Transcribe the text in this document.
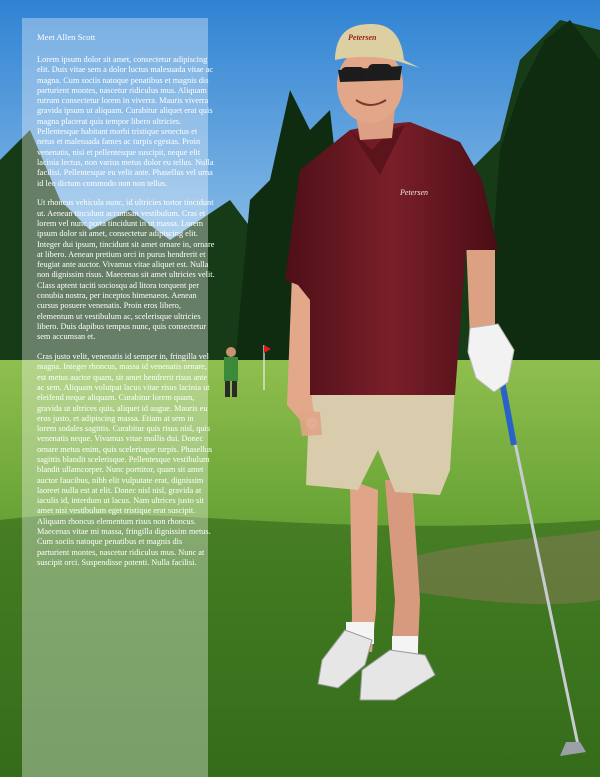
Petersen
Petersen
Meet Allen Scott

Lorem ipsum dolor sit amet, consectetur adipiscing elit. Duis vitae sem a dolor luctus malesuada vitae ac magna. Cum sociis natoque penatibus et magnis dis parturient montes, nascetur ridiculus mus. Aliquam rutrum consectetur lorem in viverra. Mauris viverra gravida ipsum ut aliquam. Curabitur aliquet erat quis magna placerat quis tempor libero ultricies. Pellentesque habitant morbi tristique senectus et netus et malesuada fames ac turpis egestas. Proin venenatis, nisi et pellentesque suscipit, neque elit lacinia lectus, non varius metus dolor eu tellus. Nulla facilisi. Pellentesque eu velit ante. Phasellus vel urna id leo dictum commodo non non tellus.

Ut rhoncus vehicula nunc, id ultricies tortor tincidunt ut. Aenean tincidunt accumsan vestibulum. Cras et lorem vel nunc porta tincidunt in ut massa. Lorem ipsum dolor sit amet, consectetur adipiscing elit. Integer dui ipsum, tincidunt sit amet ornare in, ornare at libero. Aenean pretium orci in purus hendrerit et feugiat ante auctor. Vivamus vitae aliquet est. Nulla non dignissim risus. Maecenas sit amet ultricies velit. Class aptent taciti sociosqu ad litora torquent per conubia nostra, per inceptos himenaeos. Aenean cursus posuere venenatis. Proin eros libero, elementum ut vestibulum ac, scelerisque ultricies libero. Duis dapibus tempus nunc, quis consectetur sem accumsan et.

Cras justo velit, venenatis id semper in, fringilla vel magna. Integer rhoncus, massa id venenatis ornare, est metus auctor quam, sit amet hendrerit risus ante ac sem. Aliquam volutpat lacus vitae risus lacinia ut eleifend neque aliquam. Curabitur lorem quam, gravida ut ultrices quis, aliquet id augue. Mauris eu eros justo, et adipiscing massa. Etiam at sem in lorem sodales sagittis. Curabitur quis risus nisl, quis venenatis neque. Vivamus vitae mollis dui. Donec ornare metus enim, quis scelerisque turpis. Phasellus sagittis blandit scelerisque. Pellentesque vestibulum blandit ullamcorper. Nunc porttitor, quam sit amet auctor faucibus, nibh elit vulputate erat, dignissim laoreet nulla est at elit. Donec nisl nisl, gravida at iaculis id, interdum ut lacus. Nam ultrices justo sit amet nisi vestibulum eget tristique erat suscipit. Aliquam rhoncus elementum risus non rhoncus. Maecenas vitae mi massa, fringilla dignissim metus. Cum sociis natoque penatibus et magnis dis parturient montes, nascetur ridiculus mus. Nunc at suscipit orci. Suspendisse potenti. Nulla facilisi.
